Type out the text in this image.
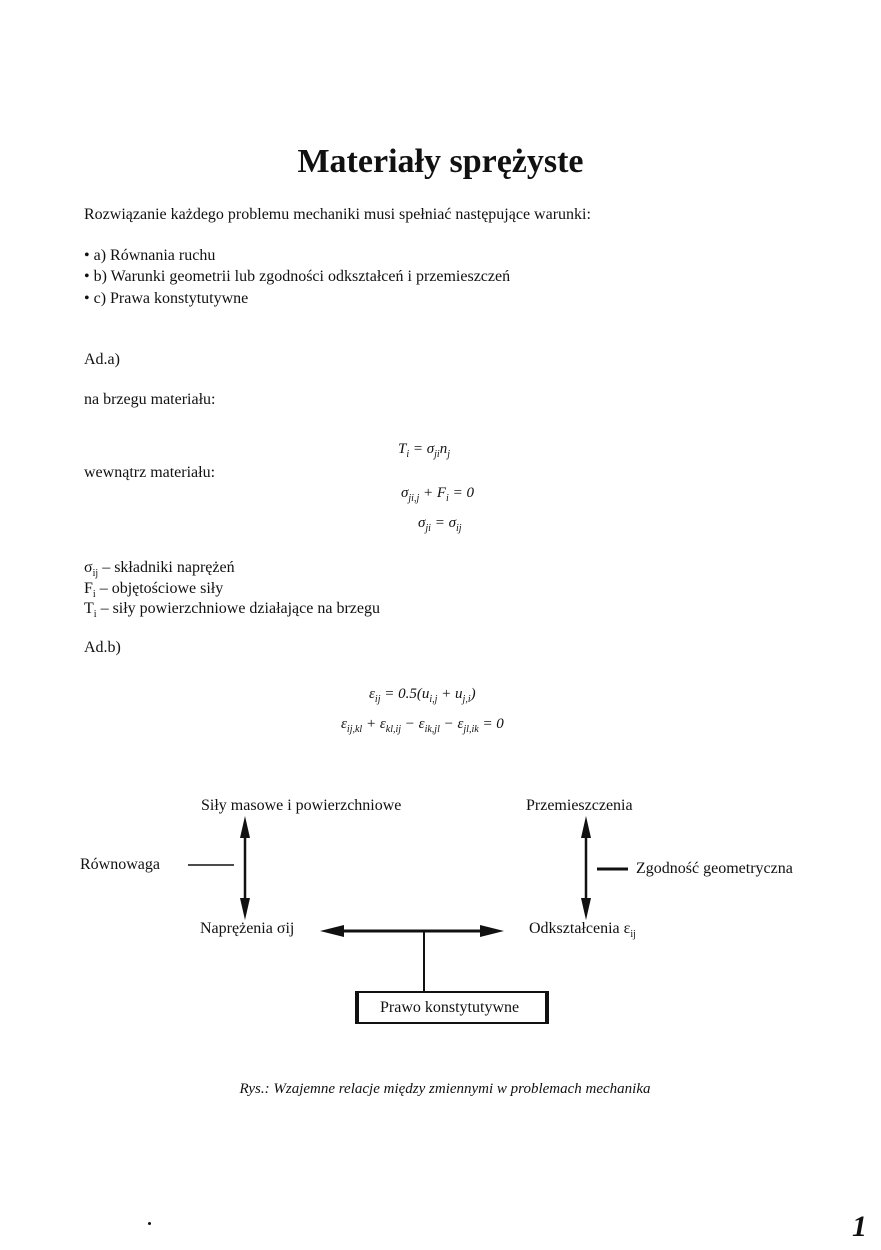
Materiały sprężyste
Rozwiązanie każdego problemu mechaniki musi spełniać następujące warunki:
• a) Równania ruchu
• b) Warunki geometrii lub zgodności odkształceń i przemieszczeń
• c) Prawa konstytutywne
Ad.a)
na brzegu materiału:
wewnątrz materiału:
$T_i = \sigma_{ji}n_j$
$\sigma_{ji,j} + F_i = 0$
$\sigma_{ji} = \sigma_{ij}$
$\sigma_{ij}$ – składniki naprężeń
$F_i$ – objętościowe siły
$T_i$ – siły powierzchniowe działające na brzegu
Ad.b)
$\varepsilon_{ij} = 0.5(u_{i,j} + u_{j,i})$
$\varepsilon_{ij,kl} + \varepsilon_{kl,ij} - \varepsilon_{ik,jl} - \varepsilon_{jl,ik} = 0$
Siły masowe i powierzchniowe	Przemieszczenia
Równowaga	Zgodność geometryczna
Naprężenia σij	Odkształcenia $\varepsilon_{ij}$
Prawo konstytutywne
Rys.: Wzajemne relacje między zmiennymi w problemach mechanika
1
